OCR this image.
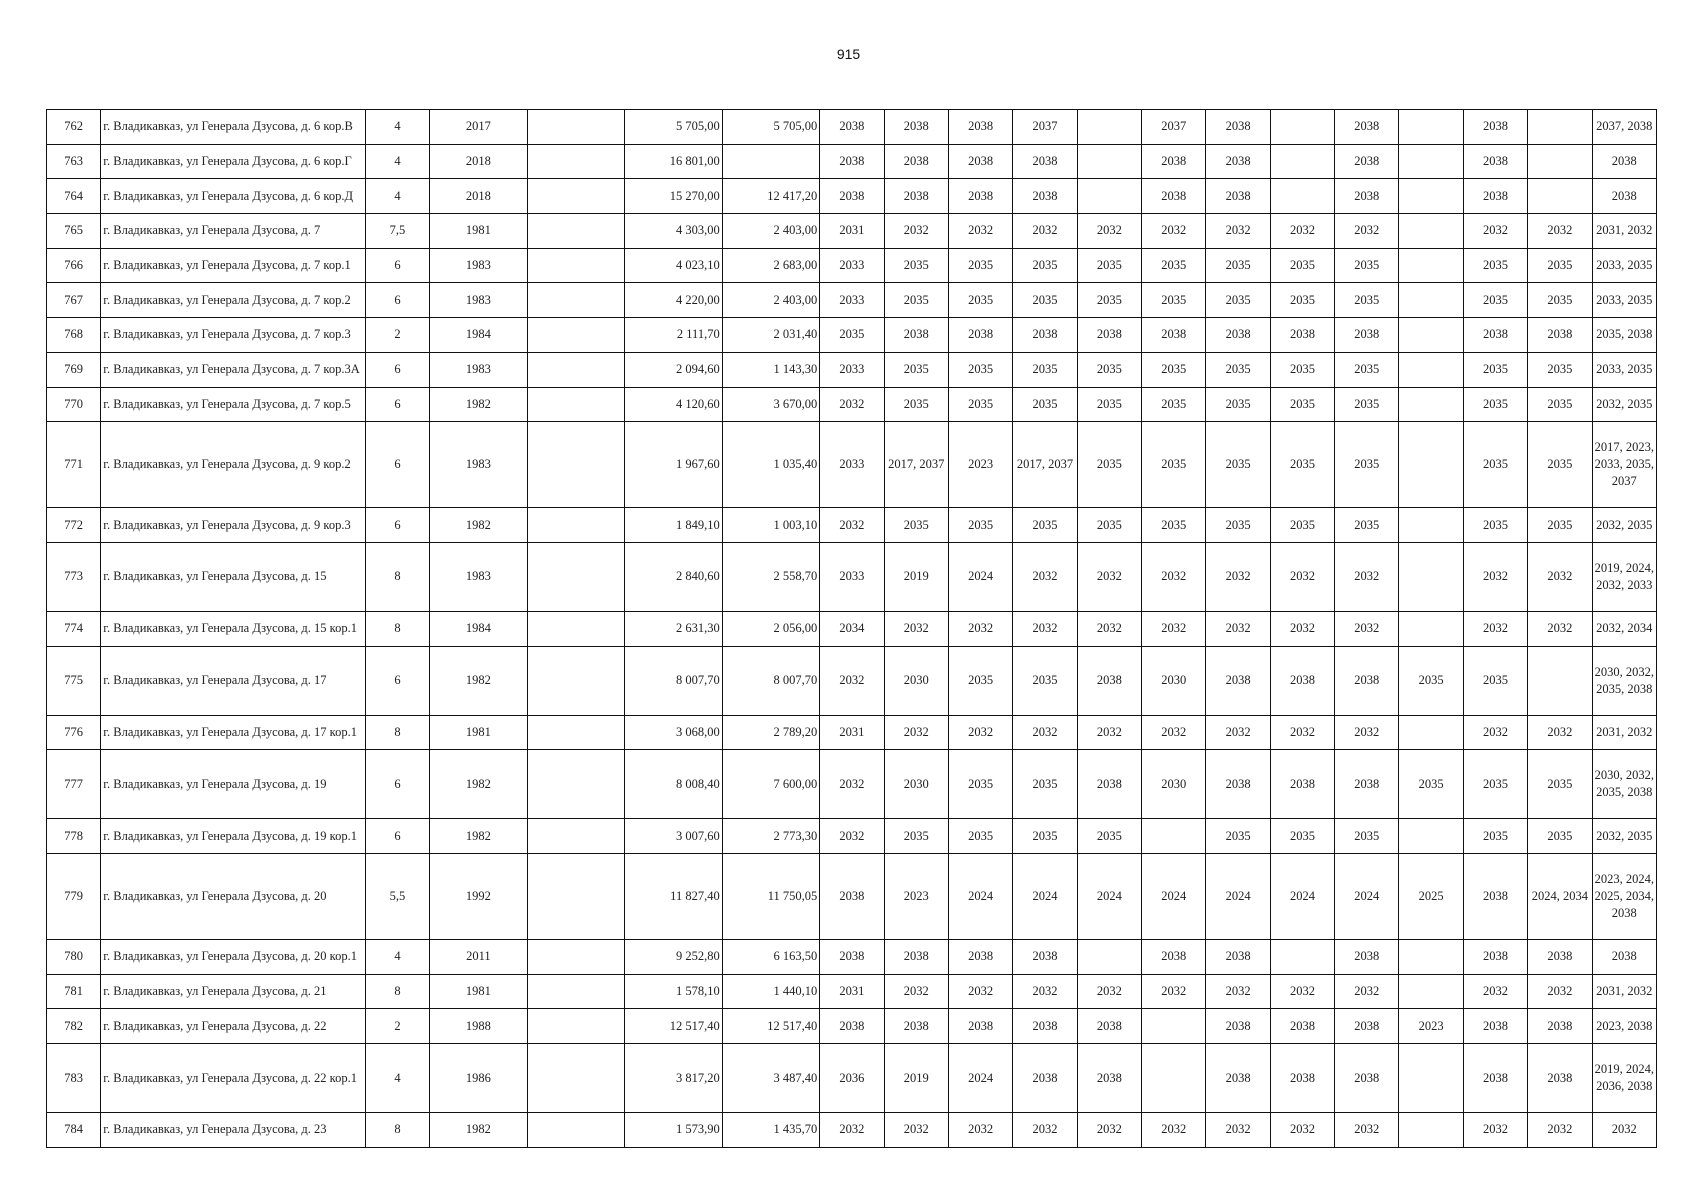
915
762	г. Владикавказ, ул Генерала Дзусова, д. 6 кор.В	4	2017		5 705,00	5 705,00	2038	2038	2038	2037		2037	2038		2038		2038		2037, 2038
763	г. Владикавказ, ул Генерала Дзусова, д. 6 кор.Г	4	2018		16 801,00		2038	2038	2038	2038		2038	2038		2038		2038		2038
764	г. Владикавказ, ул Генерала Дзусова, д. 6 кор.Д	4	2018		15 270,00	12 417,20	2038	2038	2038	2038		2038	2038		2038		2038		2038
765	г. Владикавказ, ул Генерала Дзусова, д. 7	7,5	1981		4 303,00	2 403,00	2031	2032	2032	2032	2032	2032	2032	2032	2032		2032	2032	2031, 2032
766	г. Владикавказ, ул Генерала Дзусова, д. 7 кор.1	6	1983		4 023,10	2 683,00	2033	2035	2035	2035	2035	2035	2035	2035	2035		2035	2035	2033, 2035
767	г. Владикавказ, ул Генерала Дзусова, д. 7 кор.2	6	1983		4 220,00	2 403,00	2033	2035	2035	2035	2035	2035	2035	2035	2035		2035	2035	2033, 2035
768	г. Владикавказ, ул Генерала Дзусова, д. 7 кор.3	2	1984		2 111,70	2 031,40	2035	2038	2038	2038	2038	2038	2038	2038	2038		2038	2038	2035, 2038
769	г. Владикавказ, ул Генерала Дзусова, д. 7 кор.3А	6	1983		2 094,60	1 143,30	2033	2035	2035	2035	2035	2035	2035	2035	2035		2035	2035	2033, 2035
770	г. Владикавказ, ул Генерала Дзусова, д. 7 кор.5	6	1982		4 120,60	3 670,00	2032	2035	2035	2035	2035	2035	2035	2035	2035		2035	2035	2032, 2035
771	г. Владикавказ, ул Генерала Дзусова, д. 9 кор.2	6	1983		1 967,60	1 035,40	2033	2017, 2037	2023	2017, 2037	2035	2035	2035	2035	2035		2035	2035	2017, 2023, 2033, 2035, 2037
772	г. Владикавказ, ул Генерала Дзусова, д. 9 кор.3	6	1982		1 849,10	1 003,10	2032	2035	2035	2035	2035	2035	2035	2035	2035		2035	2035	2032, 2035
773	г. Владикавказ, ул Генерала Дзусова, д. 15	8	1983		2 840,60	2 558,70	2033	2019	2024	2032	2032	2032	2032	2032	2032		2032	2032	2019, 2024, 2032, 2033
774	г. Владикавказ, ул Генерала Дзусова, д. 15 кор.1	8	1984		2 631,30	2 056,00	2034	2032	2032	2032	2032	2032	2032	2032	2032		2032	2032	2032, 2034
775	г. Владикавказ, ул Генерала Дзусова, д. 17	6	1982		8 007,70	8 007,70	2032	2030	2035	2035	2038	2030	2038	2038	2038	2035	2035		2030, 2032, 2035, 2038
776	г. Владикавказ, ул Генерала Дзусова, д. 17 кор.1	8	1981		3 068,00	2 789,20	2031	2032	2032	2032	2032	2032	2032	2032	2032		2032	2032	2031, 2032
777	г. Владикавказ, ул Генерала Дзусова, д. 19	6	1982		8 008,40	7 600,00	2032	2030	2035	2035	2038	2030	2038	2038	2038	2035	2035	2035	2030, 2032, 2035, 2038
778	г. Владикавказ, ул Генерала Дзусова, д. 19 кор.1	6	1982		3 007,60	2 773,30	2032	2035	2035	2035	2035		2035	2035	2035		2035	2035	2032, 2035
779	г. Владикавказ, ул Генерала Дзусова, д. 20	5,5	1992		11 827,40	11 750,05	2038	2023	2024	2024	2024	2024	2024	2024	2024	2025	2038	2024, 2034	2023, 2024, 2025, 2034, 2038
780	г. Владикавказ, ул Генерала Дзусова, д. 20 кор.1	4	2011		9 252,80	6 163,50	2038	2038	2038	2038		2038	2038		2038		2038	2038	2038
781	г. Владикавказ, ул Генерала Дзусова, д. 21	8	1981		1 578,10	1 440,10	2031	2032	2032	2032	2032	2032	2032	2032	2032		2032	2032	2031, 2032
782	г. Владикавказ, ул Генерала Дзусова, д. 22	2	1988		12 517,40	12 517,40	2038	2038	2038	2038	2038		2038	2038	2038	2023	2038	2038	2023, 2038
783	г. Владикавказ, ул Генерала Дзусова, д. 22 кор.1	4	1986		3 817,20	3 487,40	2036	2019	2024	2038	2038		2038	2038	2038		2038	2038	2019, 2024, 2036, 2038
784	г. Владикавказ, ул Генерала Дзусова, д. 23	8	1982		1 573,90	1 435,70	2032	2032	2032	2032	2032	2032	2032	2032	2032		2032	2032	2032
